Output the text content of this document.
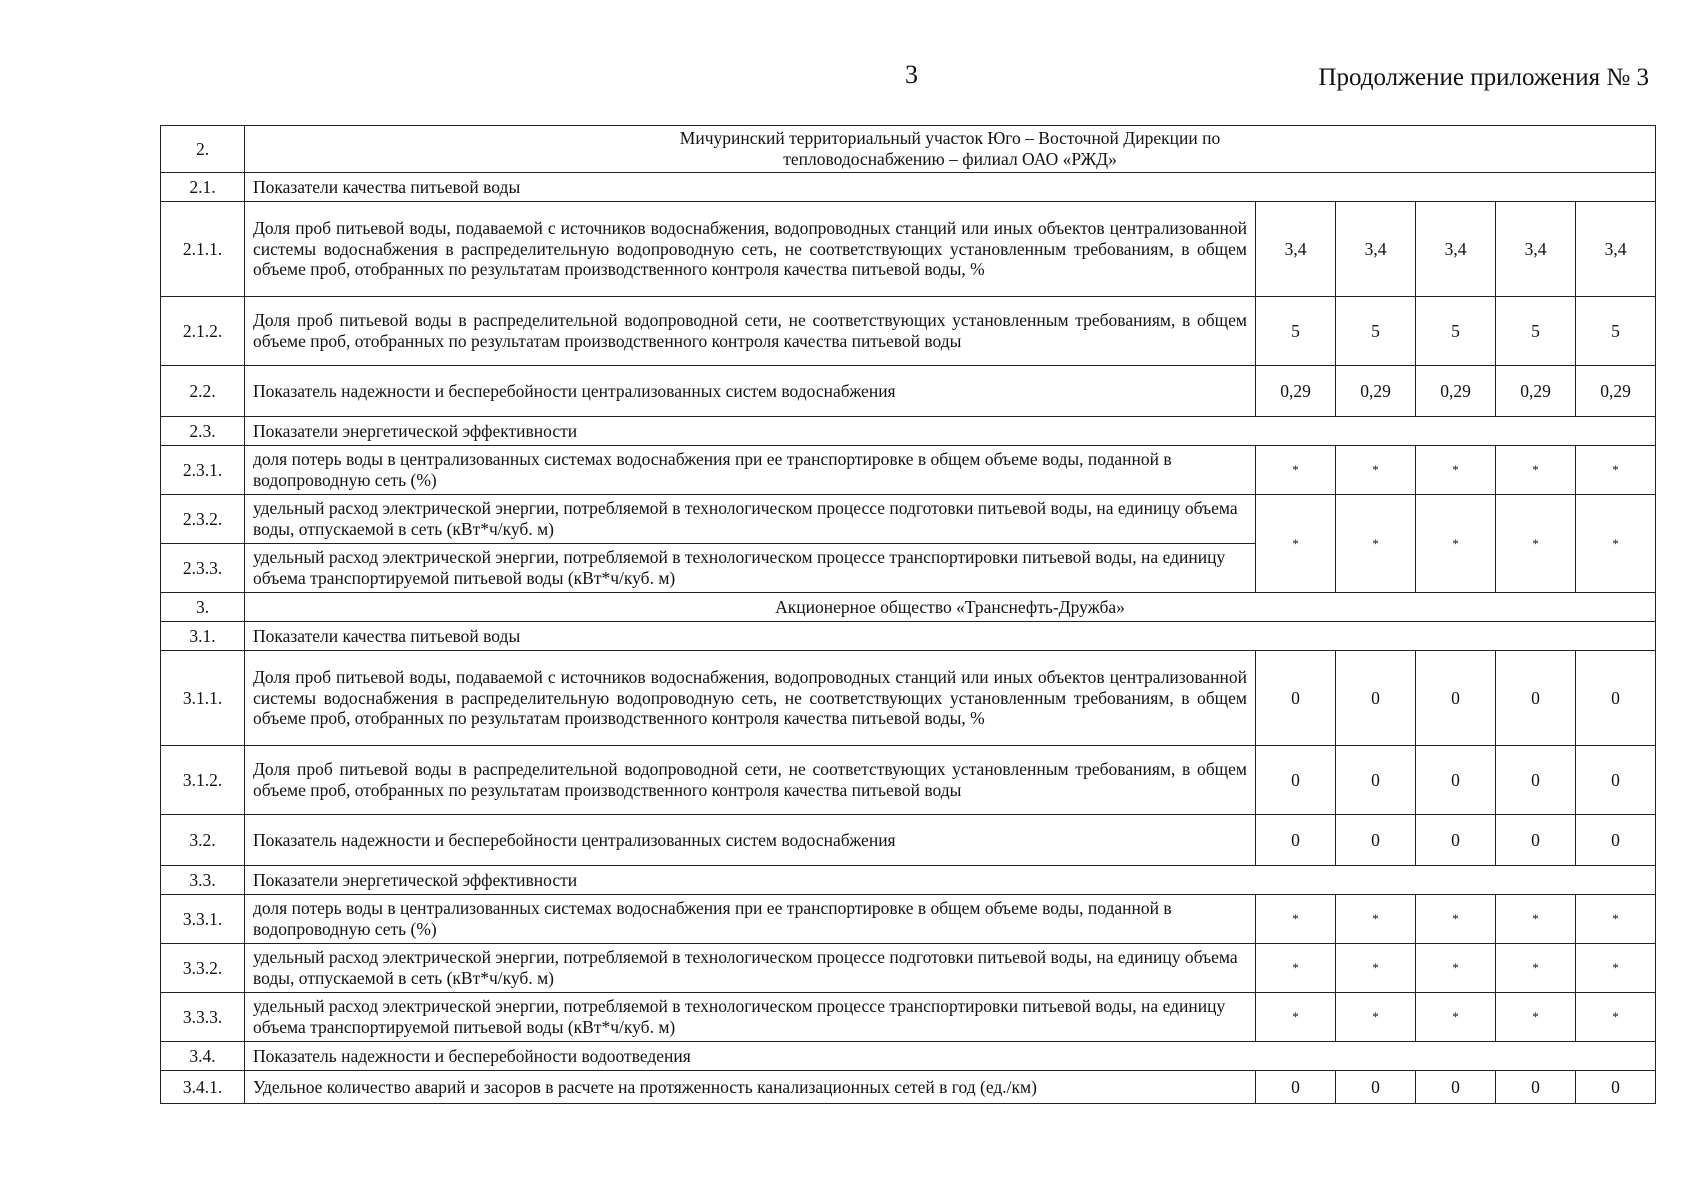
3	Продолжение приложения № 3
2.	Мичуринский территориальный участок Юго – Восточной Дирекции по тепловодоснабжению – филиал ОАО «РЖД»					
2.1.	Показатели качества питьевой воды					
2.1.1.	Доля проб питьевой воды, подаваемой с источников водоснабжения, водопроводных станций или иных объектов централизованной системы водоснабжения в распределительную водопроводную сеть, не соответствующих установленным требованиям, в общем объеме проб, отобранных по результатам производственного контроля качества питьевой воды, %	3,4	3,4	3,4	3,4	3,4
2.1.2.	Доля проб питьевой воды в распределительной водопроводной сети, не соответствующих установленным требованиям, в общем объеме проб, отобранных по результатам производственного контроля качества питьевой воды	5	5	5	5	5
2.2.	Показатель надежности и бесперебойности централизованных систем водоснабжения	0,29	0,29	0,29	0,29	0,29
2.3.	Показатели энергетической эффективности					
2.3.1.	доля потерь воды в централизованных системах водоснабжения при ее транспортировке в общем объеме воды, поданной в водопроводную сеть (%)	*	*	*	*	*
2.3.2.	удельный расход электрической энергии, потребляемой в технологическом процессе подготовки питьевой воды, на единицу объема воды, отпускаемой в сеть (кВт*ч/куб. м)	*	*	*	*	*
2.3.3.	удельный расход электрической энергии, потребляемой в технологическом процессе транспортировки питьевой воды, на единицу объема транспортируемой питьевой воды (кВт*ч/куб. м)					
3.	Акционерное общество «Транснефть-Дружба»					
3.1.	Показатели качества питьевой воды					
3.1.1.	Доля проб питьевой воды, подаваемой с источников водоснабжения, водопроводных станций или иных объектов централизованной системы водоснабжения в распределительную водопроводную сеть, не соответствующих установленным требованиям, в общем объеме проб, отобранных по результатам производственного контроля качества питьевой воды, %	0	0	0	0	0
3.1.2.	Доля проб питьевой воды в распределительной водопроводной сети, не соответствующих установленным требованиям, в общем объеме проб, отобранных по результатам производственного контроля качества питьевой воды	0	0	0	0	0
3.2.	Показатель надежности и бесперебойности централизованных систем водоснабжения	0	0	0	0	0
3.3.	Показатели энергетической эффективности					
3.3.1.	доля потерь воды в централизованных системах водоснабжения при ее транспортировке в общем объеме воды, поданной в водопроводную сеть (%)	*	*	*	*	*
3.3.2.	удельный расход электрической энергии, потребляемой в технологическом процессе подготовки питьевой воды, на единицу объема воды, отпускаемой в сеть (кВт*ч/куб. м)	*	*	*	*	*
3.3.3.	удельный расход электрической энергии, потребляемой в технологическом процессе транспортировки питьевой воды, на единицу объема транспортируемой питьевой воды (кВт*ч/куб. м)	*	*	*	*	*
3.4.	Показатель надежности и бесперебойности водоотведения					
3.4.1.	Удельное количество аварий и засоров в расчете на протяженность канализационных сетей в год (ед./км)	0	0	0	0	0
